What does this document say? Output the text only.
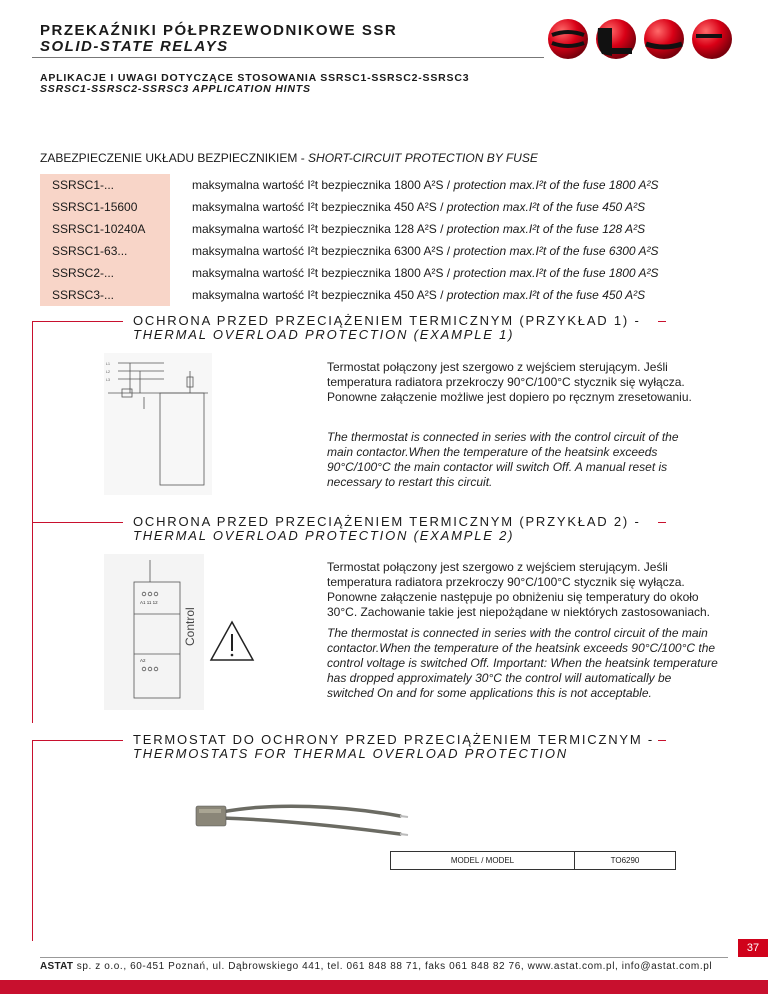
PRZEKAŹNIKI PÓŁPRZEWODNIKOWE SSR
SOLID-STATE RELAYS
APLIKACJE I UWAGI DOTYCZĄCE STOSOWANIA SSRSC1-SSRSC2-SSRSC3
SSRSC1-SSRSC2-SSRSC3 APPLICATION HINTS
ZABEZPIECZENIE UKŁADU BEZPIECZNIKIEM - SHORT-CIRCUIT PROTECTION BY FUSE
SSRSC1-...		maksymalna wartość I²t bezpiecznika 1800 A²S / protection max.I²t of the fuse 1800 A²S
SSRSC1-15600		maksymalna wartość I²t bezpiecznika 450 A²S / protection max.I²t of the fuse 450 A²S
SSRSC1-10240A		maksymalna wartość I²t bezpiecznika 128 A²S / protection max.I²t of the fuse 128 A²S
SSRSC1-63...		maksymalna wartość I²t bezpiecznika 6300 A²S / protection max.I²t of the fuse 6300 A²S
SSRSC2-...		maksymalna wartość I²t bezpiecznika 1800 A²S / protection max.I²t of the fuse 1800 A²S
SSRSC3-...		maksymalna wartość I²t bezpiecznika 450 A²S / protection max.I²t of the fuse 450 A²S
OCHRONA PRZED PRZECIĄŻENIEM TERMICZNYM (PRZYKŁAD 1) -
THERMAL OVERLOAD PROTECTION (EXAMPLE 1)
L1
L2
L3
Termostat połączony jest szergowo z wejściem sterującym. Jeśli temperatura radiatora przekroczy 90°C/100°C stycznik się wyłącza. Ponowne załączenie możliwe jest dopiero po ręcznym zresetowaniu.
The thermostat is connected in series with the control circuit of the main contactor.When the temperature of the heatsink exceeds 90°C/100°C the main contactor will switch Off. A manual reset is necessary to restart this circuit.
OCHRONA PRZED PRZECIĄŻENIEM TERMICZNYM (PRZYKŁAD 2) -
THERMAL OVERLOAD PROTECTION (EXAMPLE 2)
A1 11 12
A2
Control
Termostat połączony jest szergowo z wejściem sterującym. Jeśli temperatura radiatora przekroczy 90°C/100°C stycznik się wyłącza. Ponowne załączenie następuje po obniżeniu się temperatury do około 30°C. Zachowanie takie jest niepożądane w niektórych zastosowaniach.
The thermostat is connected in series with the control circuit of the main contactor.When the temperature of the heatsink exceeds 90°C/100°C the control voltage is switched Off. Important: When the heatsink temperature has dropped approximately 30°C the control will automatically be switched On and for some applications this is not acceptable.
TERMOSTAT DO OCHRONY PRZED PRZECIĄŻENIEM TERMICZNYM -
THERMOSTATS FOR THERMAL OVERLOAD PROTECTION
MODEL / MODEL	TO6290
37
ASTAT sp. z o.o., 60-451 Poznań, ul. Dąbrowskiego 441, tel. 061 848 88 71, faks 061 848 82 76, www.astat.com.pl, info@astat.com.pl
